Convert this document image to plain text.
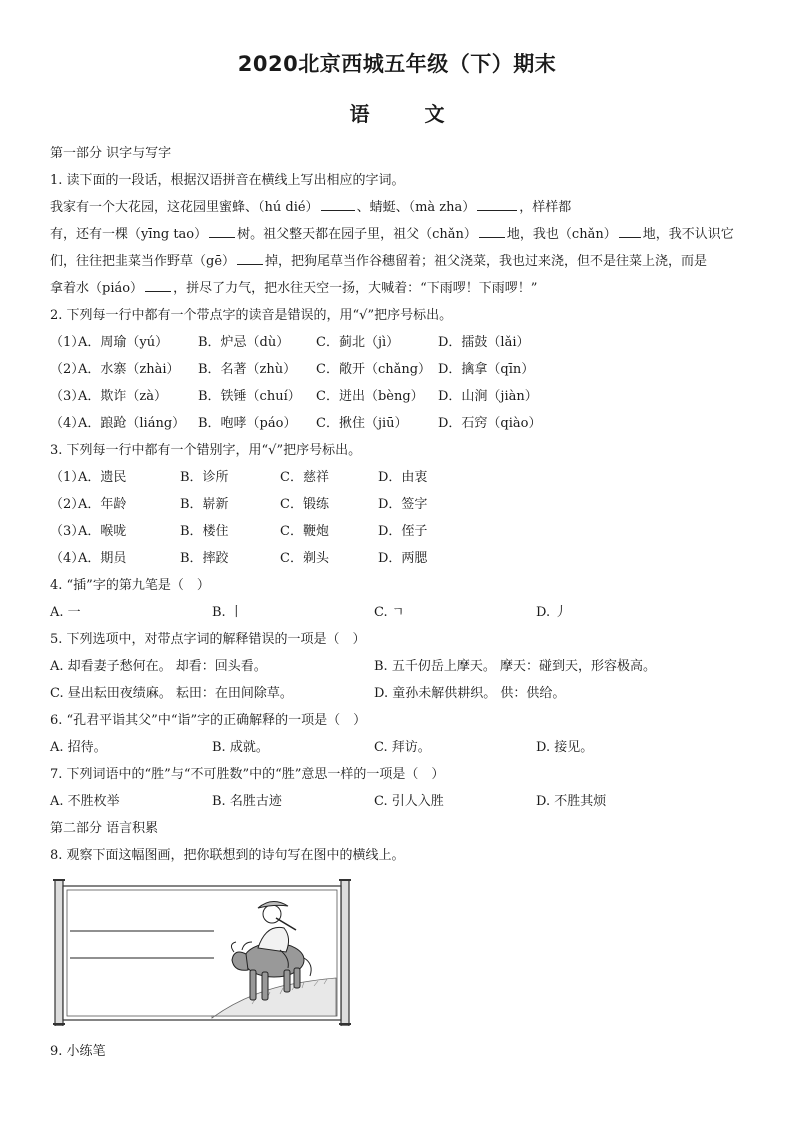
2020北京西城五年级（下）期末
语	文
第一部分 识字与写字
1. 读下面的一段话，根据汉语拼音在横线上写出相应的字词。
我家有一个大花园，这花园里蜜蜂、（hú dié）	、蜻蜓、（mà zha）	，样样都
有，还有一棵（yīng tao） 树。祖父整天都在园子里，祖父（chǎn） 地，我也（chǎn） 地，我不认识它
们，往往把韭菜当作野草（gē） 掉，把狗尾草当作谷穗留着；祖父浇菜，我也过来浇，但不是往菜上浇，而是
拿着水（piáo） ，拼尽了力气，把水往天空一扬，大喊着：“下雨啰！下雨啰！”
2. 下列每一行中都有一个带点字的读音是错误的，用“√”把序号标出。
（1）
A．周瑜（yú）	B．炉忌（dù）	C．蓟北（jì）	D．擂鼓（lǎi）
（2）
A．水寨（zhài）	B．名著（zhù）	C．敞开（chǎng） D．擒拿（qīn）
（3）
A．欺诈（zà）	B．铁锤（chuí）	C．迸出（bèng）	D．山涧（jiàn）
（4）
A．踉跄（liáng） B．咆哮（páo）	C．揪住（jiū）	D．石窍（qiào）
3. 下列每一行中都有一个错别字，用“√”把序号标出。
（1）
A．遗民	B．诊所	C．慈祥	D．由衷
（2）
A．年龄	B．崭新	C．锻练	D．签字
（3）
A．喉咙	B．楼住	C．鞭炮	D．侄子
（4）
A．期员	B．摔跤	C．剃头	D．两腮
4. “插”字的第九笔是（　）
A. 一	B. 丨	C. ㄱ	D. 丿
5. 下列选项中，对带点字词的解释错误的一项是（　）
A. 却看妻子愁何在。 却看：回头看。	B. 五千仞岳上摩天。 摩天：碰到天，形容极高。
C. 昼出耘田夜绩麻。 耘田：在田间除草。	D. 童孙未解供耕织。 供：供给。
6. “孔君平诣其父”中“诣”字的正确解释的一项是（　）
A. 招待。	B. 成就。	C. 拜访。	D. 接见。
7. 下列词语中的“胜”与“不可胜数”中的“胜”意思一样的一项是（　）
A. 不胜枚举	B. 名胜古迹	C. 引人入胜	D. 不胜其烦
第二部分 语言积累
8. 观察下面这幅图画，把你联想到的诗句写在图中的横线上。
9. 小练笔
